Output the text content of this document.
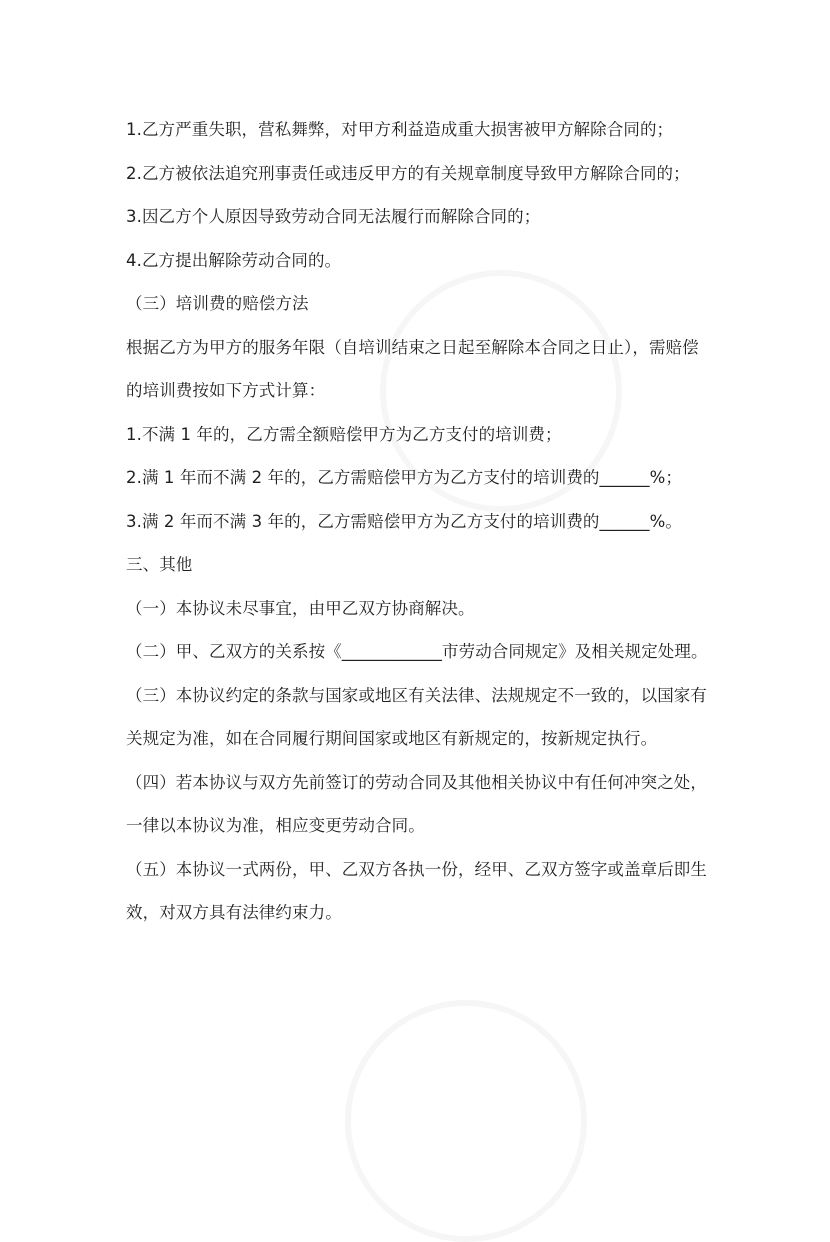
1.乙方严重失职，营私舞弊，对甲方利益造成重大损害被甲方解除合同的；
2.乙方被依法追究刑事责任或违反甲方的有关规章制度导致甲方解除合同的；
3.因乙方个人原因导致劳动合同无法履行而解除合同的；
4.乙方提出解除劳动合同的。
（三）培训费的赔偿方法
根据乙方为甲方的服务年限（自培训结束之日起至解除本合同之日止），需赔偿
的培训费按如下方式计算：
1.不满 1 年的，乙方需全额赔偿甲方为乙方支付的培训费；
2.满 1 年而不满 2 年的，乙方需赔偿甲方为乙方支付的培训费的______%；
3.满 2 年而不满 3 年的，乙方需赔偿甲方为乙方支付的培训费的______%。
三、其他
（一）本协议未尽事宜，由甲乙双方协商解决。
（二）甲、乙双方的关系按《____________市劳动合同规定》及相关规定处理。
（三）本协议约定的条款与国家或地区有关法律、法规规定不一致的，以国家有
关规定为准，如在合同履行期间国家或地区有新规定的，按新规定执行。
（四）若本协议与双方先前签订的劳动合同及其他相关协议中有任何冲突之处，
一律以本协议为准，相应变更劳动合同。
（五）本协议一式两份，甲、乙双方各执一份，经甲、乙双方签字或盖章后即生
效，对双方具有法律约束力。
